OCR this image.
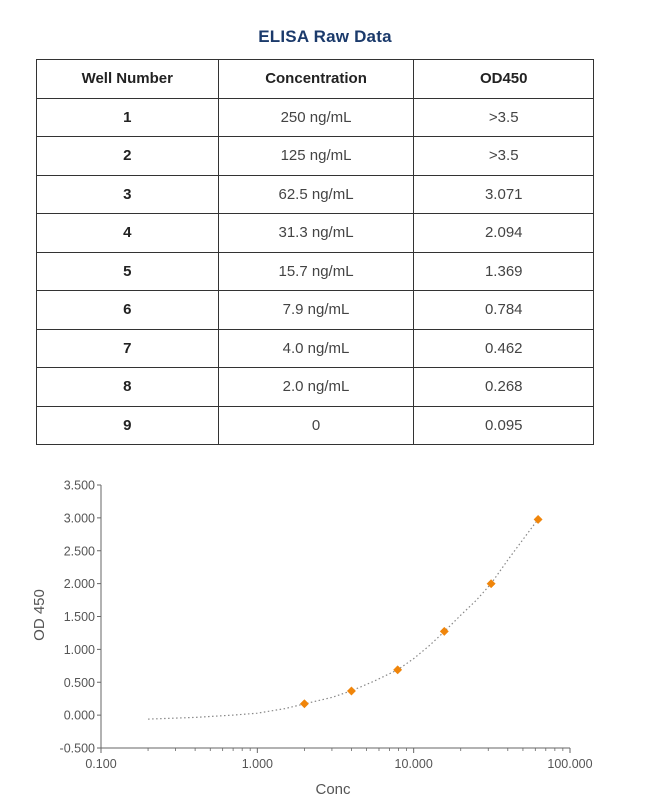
ELISA Raw Data
Well Number	Concentration	OD450
1	250 ng/mL	>3.5
2	125 ng/mL	>3.5
3	62.5 ng/mL	3.071
4	31.3 ng/mL	2.094
5	15.7 ng/mL	1.369
6	7.9 ng/mL	0.784
7	4.0 ng/mL	0.462
8	2.0 ng/mL	0.268
9	0	0.095
-0.500
0.000
0.500
1.000
1.500
2.000
2.500
3.000
3.500
0.100	1.000	10.000	100.000
OD 450
Conc
